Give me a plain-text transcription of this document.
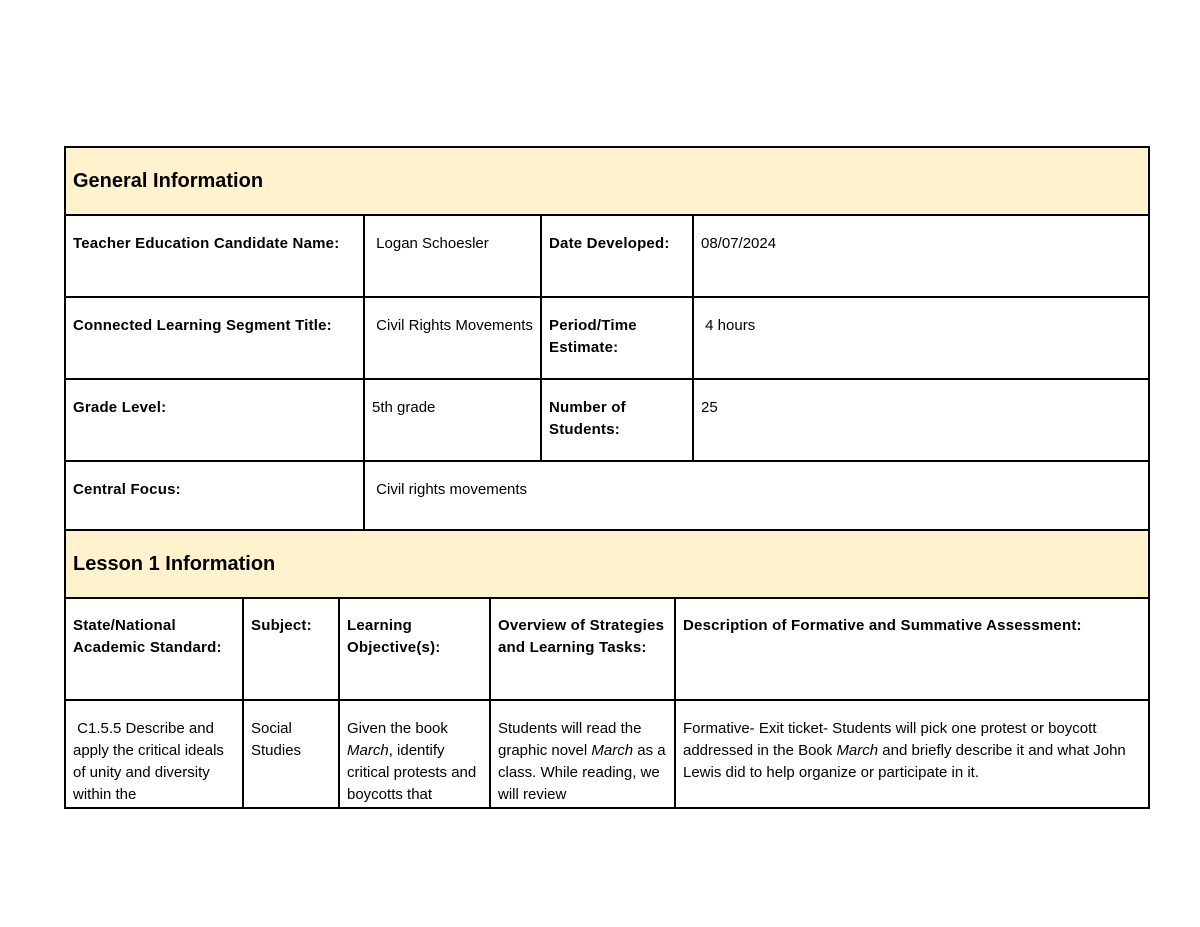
General Information
Teacher Education Candidate Name:	Logan Schoesler	Date Developed:	08/07/2024

Connected Learning Segment Title:	Civil Rights Movements	Period/Time Estimate:	4 hours

Grade Level:	5th grade	Number of Students:	25

Central Focus:	Civil rights movements		
Lesson 1 Information				

State/National Academic Standard:	Subject:	Learning Objective(s):	Overview of Strategies and Learning Tasks:	Description of Formative and Summative Assessment:

C1.5.5 Describe and apply the critical ideals of unity and diversity within the	Social Studies	Given the book March, identify critical protests and boycotts that	Students will read the graphic novel March as a class. While reading, we will review	Formative- Exit ticket- Students will pick one protest or boycott addressed in the Book March and briefly describe it and what John Lewis did to help organize or participate in it.
